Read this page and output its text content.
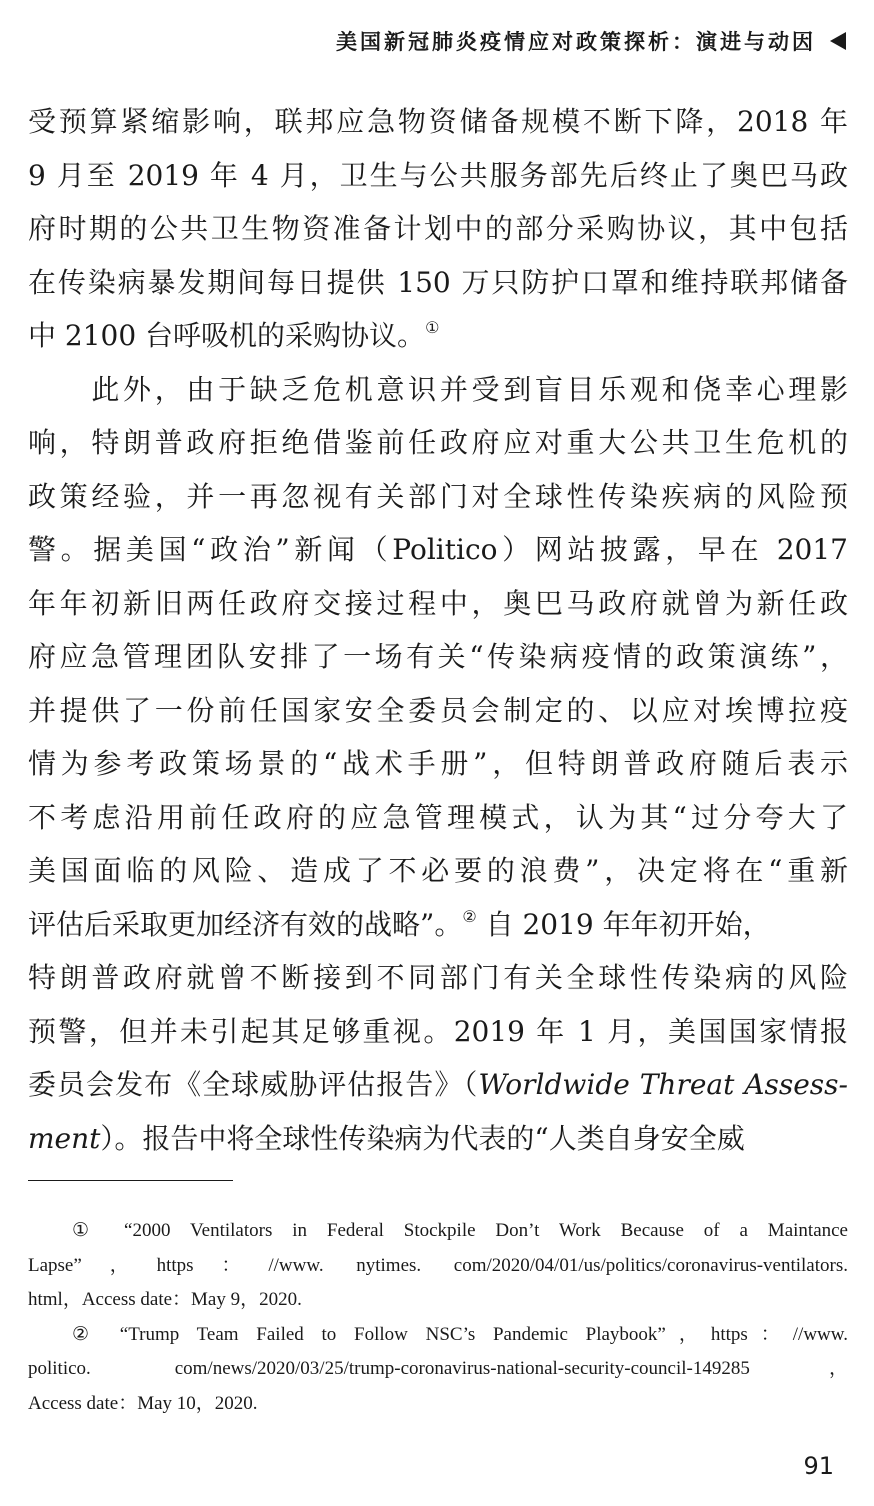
美国新冠肺炎疫情应对政策探析：演进与动因
受预算紧缩影响，联邦应急物资储备规模不断下降，2018 年
9 月至 2019 年 4 月，卫生与公共服务部先后终止了奥巴马政
府时期的公共卫生物资准备计划中的部分采购协议，其中包括
在传染病暴发期间每日提供 150 万只防护口罩和维持联邦储备
中 2100 台呼吸机的采购协议。①
　　此外，由于缺乏危机意识并受到盲目乐观和侥幸心理影
响，特朗普政府拒绝借鉴前任政府应对重大公共卫生危机的
政策经验，并一再忽视有关部门对全球性传染疾病的风险预
警。据美国“政治”新闻（Politico）网站披露，早在 2017
年年初新旧两任政府交接过程中，奥巴马政府就曾为新任政
府应急管理团队安排了一场有关“传染病疫情的政策演练”，
并提供了一份前任国家安全委员会制定的、以应对埃博拉疫
情为参考政策场景的“战术手册”，但特朗普政府随后表示
不考虑沿用前任政府的应急管理模式，认为其“过分夸大了
美国面临的风险、造成了不必要的浪费”，决定将在“重新
评估后采取更加经济有效的战略”。② 自 2019 年年初开始，
特朗普政府就曾不断接到不同部门有关全球性传染病的风险
预警，但并未引起其足够重视。2019 年 1 月，美国国家情报
委员会发布《全球威胁评估报告》（Worldwide Threat Assess-
ment）。报告中将全球性传染病为代表的“人类自身安全威
① “2000 Ventilators in Federal Stockpile Don’t Work Because of a Maintance
Lapse”，https：//www. nytimes. com/2020/04/01/us/politics/coronavirus-ventilators.
html，Access date：May 9，2020.
② “Trump Team Failed to Follow NSC’s Pandemic Playbook”，https：//www.
politico. com/news/2020/03/25/trump-coronavirus-national-security-council-149285，
Access date：May 10，2020.
91
